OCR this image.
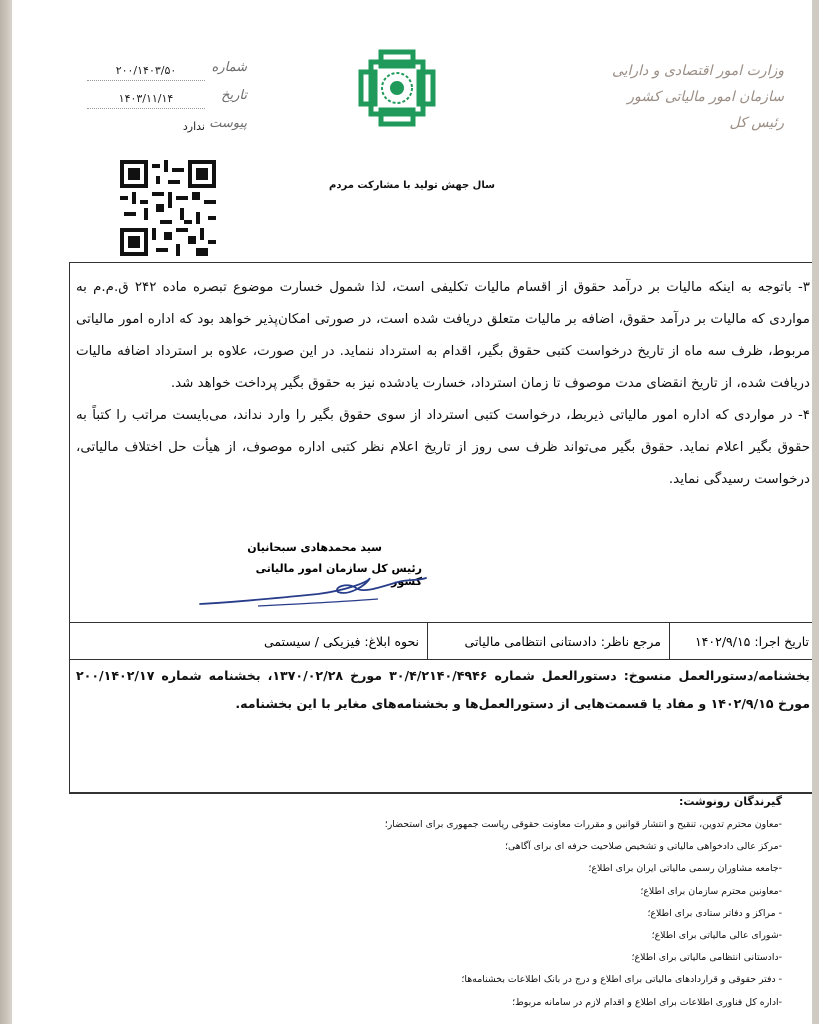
وزارت امور اقتصادی و دارایی
سازمان امور مالیاتی کشور
رئیس کل
شماره
۲۰۰/۱۴۰۳/۵۰
تاریخ
۱۴۰۳/۱۱/۱۴
پیوست
ندارد
سال جهش تولید با مشارکت مردم

۳- باتوجه به اینکه مالیات بر درآمد حقوق از اقسام مالیات تکلیفی است، لذا شمول خسارت موضوع تبصره ماده ۲۴۲ ق.م.م به مواردی که مالیات بر درآمد حقوق، اضافه بر مالیات متعلق دریافت شده است، در صورتی امکان‌پذیر خواهد بود که اداره امور مالیاتی مربوط، ظرف سه ماه از تاریخ درخواست کتبی حقوق بگیر، اقدام به استرداد ننماید. در این صورت، علاوه بر استرداد اضافه مالیات دریافت شده، از تاریخ انقضای مدت موصوف تا زمان استرداد، خسارت یادشده نیز به حقوق بگیر پرداخت خواهد شد.

۴- در مواردی که اداره امور مالیاتی ذیربط، درخواست کتبی استرداد از سوی حقوق بگیر را وارد نداند، می‌بایست مراتب را کتباً به حقوق بگیر اعلام نماید. حقوق بگیر می‌تواند ظرف سی روز از تاریخ اعلام نظر کتبی اداره موصوف، از هیأت حل اختلاف مالیاتی، درخواست رسیدگی نماید.

سید محمدهادی سبحانیان
رئیس کل سازمان امور مالیاتی کشور
تاریخ اجرا: ۱۴۰۲/۹/۱۵
مرجع ناظر: دادستانی انتظامی مالیاتی
نحوه ابلاغ: فیزیکی / سیستمی

بخشنامه/دستورالعمل منسوخ: دستورالعمل شماره ۳۰/۴/۲۱۴۰/۴۹۴۶ مورخ ۱۳۷۰/۰۲/۲۸، بخشنامه شماره ۲۰۰/۱۴۰۲/۱۷ مورخ ۱۴۰۲/۹/۱۵ و مفاد یا قسمت‌هایی از دستورالعمل‌ها و بخشنامه‌های مغایر با این بخشنامه.

گیرندگان رونوشت:
-معاون محترم تدوین، تنقیح و انتشار قوانین و مقررات معاونت حقوقی ریاست جمهوری برای استحضار؛
-مرکز عالی دادخواهی مالیاتی و تشخیص صلاحیت حرفه ای برای آگاهی؛
-جامعه مشاوران رسمی مالیاتی ایران برای اطلاع؛
-معاونین محترم سازمان برای اطلاع؛
- مراکز و دفاتر ستادی برای اطلاع؛
-شورای عالی مالیاتی برای اطلاع؛
-دادستانی انتظامی مالیاتی برای اطلاع؛
- دفتر حقوقی و قراردادهای مالیاتی برای اطلاع و درج در بانک اطلاعات بخشنامه‌ها؛
-اداره کل فناوری اطلاعات برای اطلاع و اقدام لازم در سامانه مربوط؛
